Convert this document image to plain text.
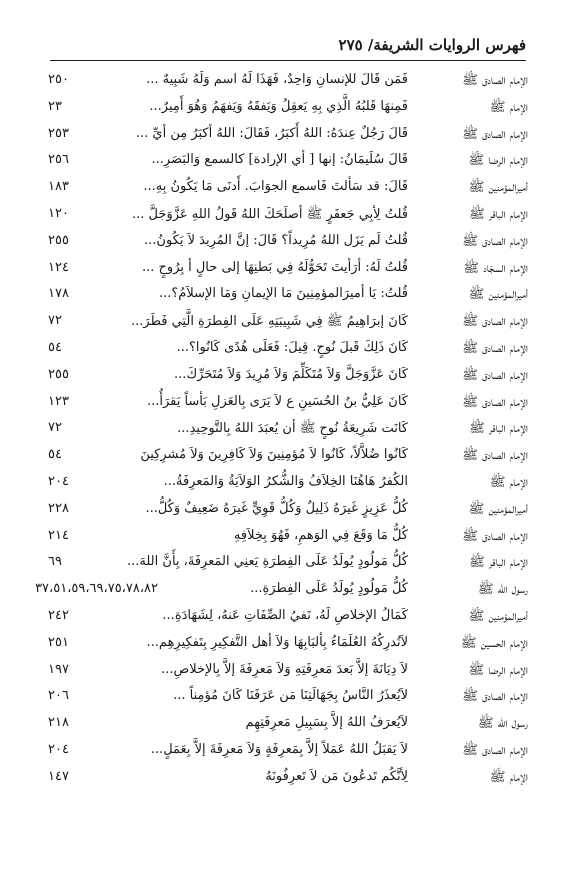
فهرس الروايات الشريفة/ ٢٧٥
الإمام الصادق ﷺ
فَمَن قَالَ للإنسانِ وَاحِدٌ، فَهَذَا لَهُ اسم وَلَهُ شَبِيهٌ ...
٢٥٠
الإمام ﷺ
فَمِنهَا قَلبُهُ الَّذِي بِهِ يَعقِلُ وَيَفقَهُ وَيَفهَمُ وَهُوَ أَمِيرٌ...
٢٣
الإمام الصادق ﷺ
قَالَ رَجُلٌ عِندَهُ: اللهُ أَكبَرُ، فَقَالَ: اللهُ أكبَرُ مِن أيِّ ...
٢٥٣
الإمام الرضا ﷺ
قَالَ سُلَيمَانُ: إنها [ أي الإرادة] كالسمع وَالبَصَرِ...
٢٥٦
أميرالمؤمنين ﷺ
قَالَ: قد سَألتَ فَاسمع الجوَابَ. أَدنَى مَا يَكُونُ بِهِ...
١٨٣
الإمام الباقر ﷺ
قُلتُ لِأبِي جَعفَرٍ ﷺ أصلَحَكَ اللهُ قَولُ اللهِ عَزَّوَجَلَّ ...
١٢٠
الإمام الصادق ﷺ
قُلتُ لَم يَزَل اللهُ مُرِيداً؟ قَالَ: إنَّ المُرِيدَ لاَ يَكُونُ...
٢٥٥
الإمام السجّاد ﷺ
قُلتُ لَهُ: أرَأيتَ تَحَوُّلَهُ فِي بَطنِهَا إلى حالٍ أ بِرُوحٍ ...
١٢٤
أميرالمؤمنين ﷺ
قُلتُ: يَا أميرَالمؤمِنِينَ مَا الإيمانِ وَمَا الإسلاَمُ؟...
١٧٨
الإمام الصادق ﷺ
كَانَ إبرَاهِيمُ ﷺ فِي شَبِيبَتِهِ عَلَى الفِطرَةِ الَّتِي فَطَرَ...
٧٢
الإمام الصادق ﷺ
كَانَ ذَلِكَ قَبلَ نُوحٍ. قِيلَ: فَعَلَى هُدًى كَانُوا؟...
٥٤
الإمام الصادق ﷺ
كَانَ عَزَّوَجَلَّ وَلاَ مُتَكَلِّمَ وَلاَ مُرِيدَ وَلاَ مُتَحَرِّكَ...
٢٥٥
الإمام الصادق ﷺ
كَانَ عَلِيُّ بنُ الحُسَينِ ع لاَ يَرَى بِالعَزلِ بَأساً يَقرَأُ...
١٢٣
الإمام الباقر ﷺ
كَانَت شَرِيعَةُ نُوحٍ ﷺ أن يُعبَدَ اللهُ بِالتَّوحِيدِ...
٧٢
الإمام الصادق ﷺ
كَانُوا ضُلاَّلاً، كَانُوا لاَ مُؤمِنِينَ وَلاَ كَافِرِينَ وَلاَ مُشرِكِينَ
٥٤
الإمام ﷺ
الكُفرُ هَاهُنَا الخِلاَفُ وَالشُّكرُ الوَلاَيَةُ وَالمَعرِفَةُ...
٢٠٤
أميرالمؤمنين ﷺ
كُلُّ عَزِيزٍ غَيرَهُ ذَلِيلٌ وَكُلُّ قَوِيٍّ غَيرَهُ ضَعِيفٌ وَكُلُّ...
٢٢٨
الإمام الصادق ﷺ
كُلُّ مَا وَقَعَ فِي الوَهمِ، فَهُوَ بِخِلاَفِهِ
٢١٤
الإمام الباقر ﷺ
كُلُّ مَولُودٍ يُولَدُ عَلَى الفِطرَةِ يَعنِي المَعرِفَةَ، بِأَنَّ اللهَ...
٦٩
رسول الله ﷺ
كُلُّ مَولُودٍ يُولَدُ عَلَى الفِطرَةِ...
٣٧،٥١،٥٩،٦٩،٧٥،٧٨،٨٢
أميرالمؤمنين ﷺ
كَمَالُ الإخلاصِ لَهُ، نَفيُ الصِّفَاتِ عَنهُ، لِشَهَادَةِ...
٢٤٢
الإمام الحسين ﷺ
لاَتُدرِكُهُ العُلَمَاءُ بِألبَابِهَا وَلاَ أهل التَّفكِيرِ بِتَفكِيرِهِم...
٢٥١
الإمام الرضا ﷺ
لاَ دِيَانَةَ إلاَّ بَعدَ مَعرِفَتِهِ وَلاَ مَعرِفَةَ إلاَّ بِالإخلاصِ...
١٩٧
الإمام الصادق ﷺ
لاَيُعذَرُ النَّاسُ بِجَهَالَتِنَا مَن عَرَفَنَا كَانَ مُؤمِناً ...
٢٠٦
رسول الله ﷺ
لاَيُعرَفُ اللهُ إلاَّ بِسَبِيلِ مَعرِفَتِهِم
٢١٨
الإمام الصادق ﷺ
لاَ يَقبَلُ اللهُ عَمَلاً إلاَّ بِمَعرِفَةٍ وَلاَ مَعرِفَةَ إلاَّ بِعَمَلٍ...
٢٠٤
الإمام ﷺ
لِأنَّكُم تَدعُونَ مَن لاَ تَعرِفُونَهُ
١٤٧
